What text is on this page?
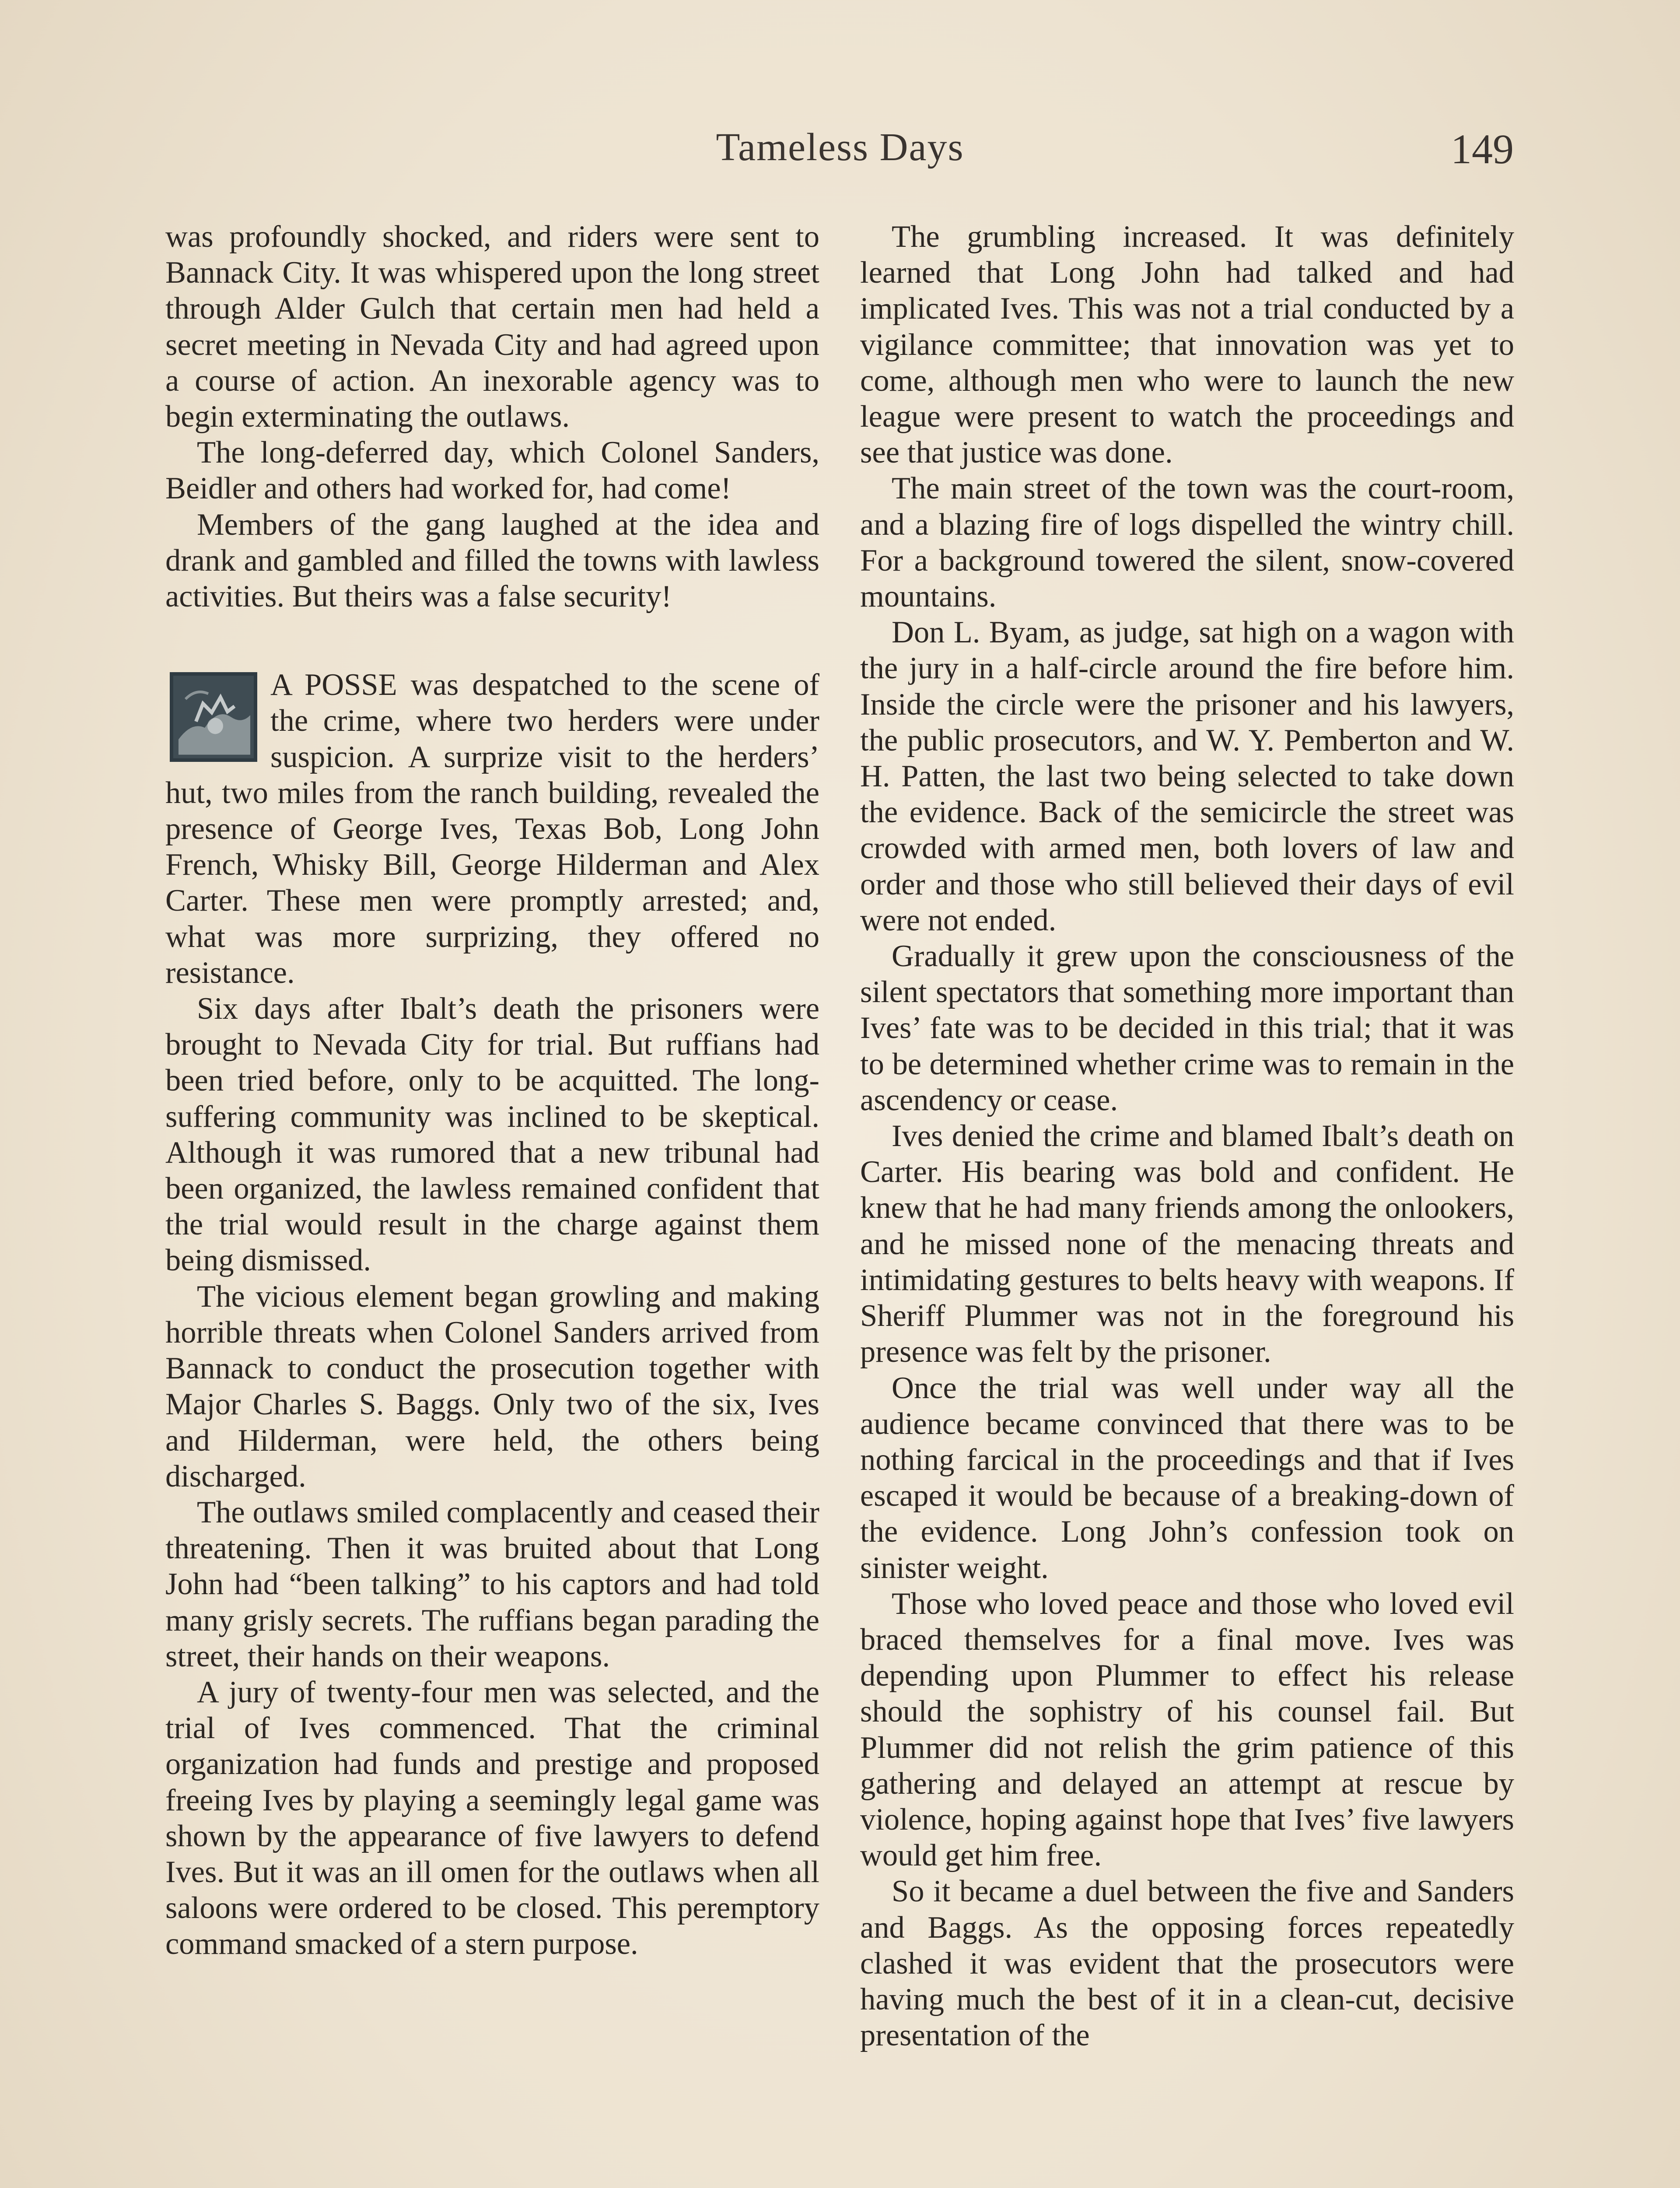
Tameless Days	149

was profoundly shocked, and riders were sent to Bannack City. It was whispered upon the long street through Alder Gulch that certain men had held a secret meeting in Nevada City and had agreed upon a course of action. An inexorable agency was to begin exterminating the outlaws.

The long-deferred day, which Colonel Sanders, Beidler and others had worked for, had come!

Members of the gang laughed at the idea and drank and gambled and filled the towns with lawless activities. But theirs was a false security!

A POSSE was despatched to the scene of the crime, where two herders were under suspicion. A surprize visit to the herders’ hut, two miles from the ranch building, revealed the presence of George Ives, Texas Bob, Long John French, Whisky Bill, George Hilderman and Alex Carter. These men were promptly arrested; and, what was more surprizing, they offered no resistance.

Six days after Ibalt’s death the prisoners were brought to Nevada City for trial. But ruffians had been tried before, only to be acquitted. The long-suffering community was inclined to be skeptical. Although it was rumored that a new tribunal had been organized, the lawless remained confident that the trial would result in the charge against them being dismissed.

The vicious element began growling and making horrible threats when Colonel Sanders arrived from Bannack to conduct the prosecution together with Major Charles S. Baggs. Only two of the six, Ives and Hilderman, were held, the others being discharged.

The outlaws smiled complacently and ceased their threatening. Then it was bruited about that Long John had “been talking” to his captors and had told many grisly secrets. The ruffians began parading the street, their hands on their weapons.

A jury of twenty-four men was selected, and the trial of Ives commenced. That the criminal organization had funds and prestige and proposed freeing Ives by playing a seemingly legal game was shown by the appearance of five lawyers to defend Ives. But it was an ill omen for the outlaws when all saloons were ordered to be closed. This peremptory command smacked of a stern purpose.

The grumbling increased. It was definitely learned that Long John had talked and had implicated Ives. This was not a trial conducted by a vigilance committee; that innovation was yet to come, although men who were to launch the new league were present to watch the proceedings and see that justice was done.

The main street of the town was the court-room, and a blazing fire of logs dispelled the wintry chill. For a background towered the silent, snow-covered mountains.

Don L. Byam, as judge, sat high on a wagon with the jury in a half-circle around the fire before him. Inside the circle were the prisoner and his lawyers, the public prosecutors, and W. Y. Pemberton and W. H. Patten, the last two being selected to take down the evidence. Back of the semicircle the street was crowded with armed men, both lovers of law and order and those who still believed their days of evil were not ended.

Gradually it grew upon the consciousness of the silent spectators that something more important than Ives’ fate was to be decided in this trial; that it was to be determined whether crime was to remain in the ascendency or cease.

Ives denied the crime and blamed Ibalt’s death on Carter. His bearing was bold and confident. He knew that he had many friends among the onlookers, and he missed none of the menacing threats and intimidating gestures to belts heavy with weapons. If Sheriff Plummer was not in the foreground his presence was felt by the prisoner.

Once the trial was well under way all the audience became convinced that there was to be nothing farcical in the proceedings and that if Ives escaped it would be because of a breaking-down of the evidence. Long John’s confession took on sinister weight.

Those who loved peace and those who loved evil braced themselves for a final move. Ives was depending upon Plummer to effect his release should the sophistry of his counsel fail. But Plummer did not relish the grim patience of this gathering and delayed an attempt at rescue by violence, hoping against hope that Ives’ five lawyers would get him free.

So it became a duel between the five and Sanders and Baggs. As the opposing forces repeatedly clashed it was evident that the prosecutors were having much the best of it in a clean-cut, decisive presentation of the
